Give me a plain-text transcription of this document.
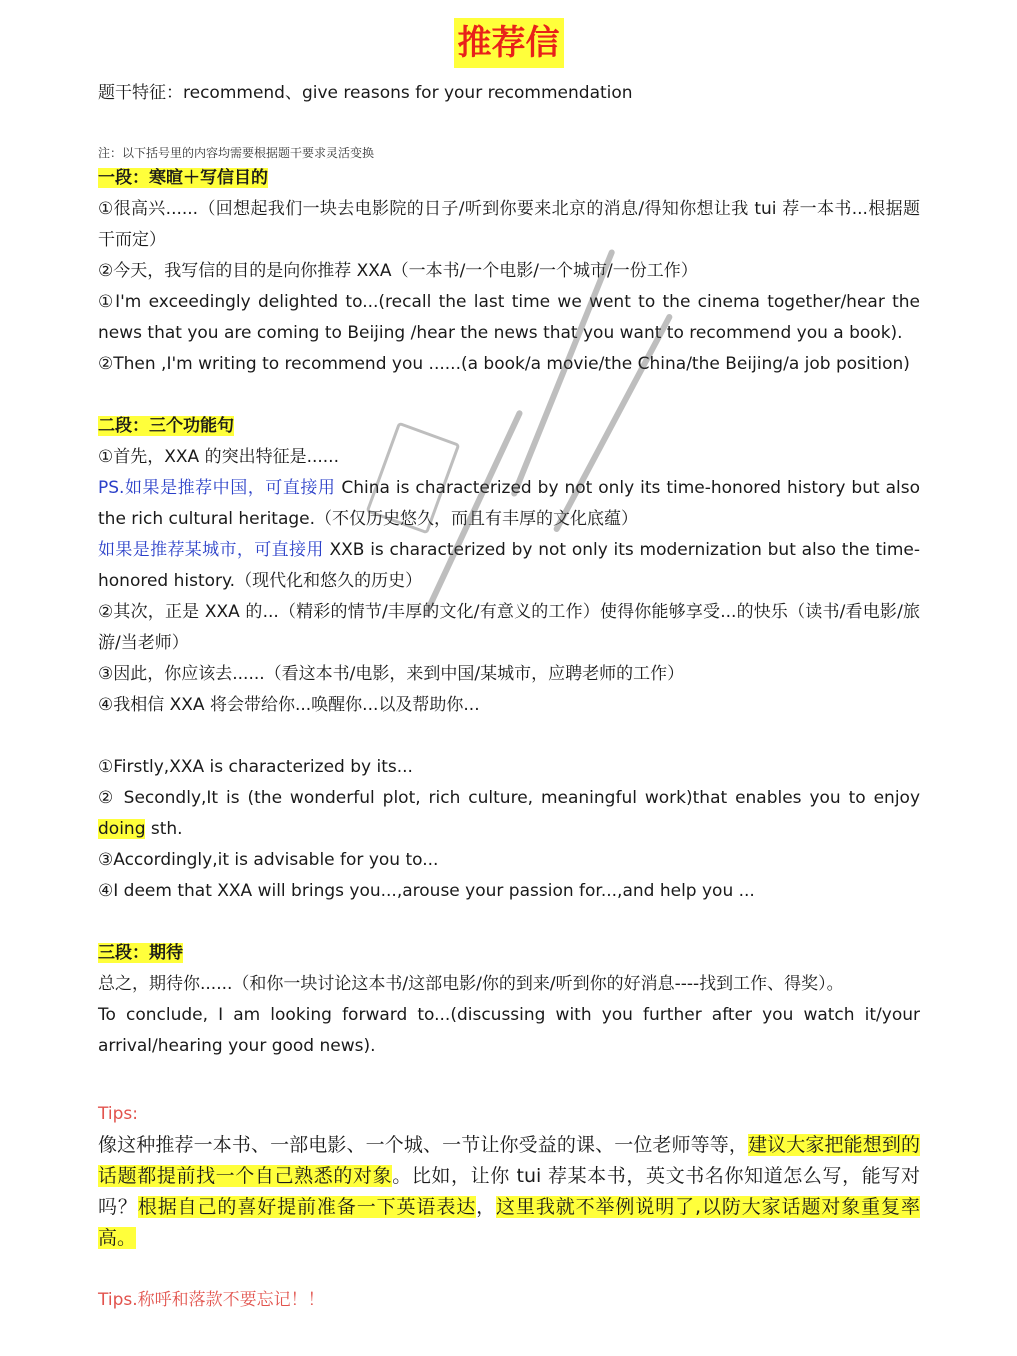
推荐信
题干特征：recommend、give reasons for your recommendation
注：以下括号里的内容均需要根据题干要求灵活变换
一段：寒暄＋写信目的
①很高兴......（回想起我们一块去电影院的日子/听到你要来北京的消息/得知你想让我 tui 荐一本书...根据题干而定）
②今天，我写信的目的是向你推荐 XXA（一本书/一个电影/一个城市/一份工作）
①I'm exceedingly delighted to...(recall the last time we went to the cinema together/hear the news that you are coming to Beijing /hear the news that you want to recommend you a book).
②Then ,I'm writing to recommend you ......(a book/a movie/the China/the Beijing/a job position)
二段：三个功能句
①首先，XXA 的突出特征是......
PS.如果是推荐中国，可直接用 China is characterized by not only its time-honored history but also the rich cultural heritage.（不仅历史悠久，而且有丰厚的文化底蕴）
如果是推荐某城市，可直接用 XXB is characterized by not only its modernization but also the time-honored history.（现代化和悠久的历史）
②其次，正是 XXA 的...（精彩的情节/丰厚的文化/有意义的工作）使得你能够享受...的快乐（读书/看电影/旅游/当老师）
③因此，你应该去......（看这本书/电影，来到中国/某城市，应聘老师的工作）
④我相信 XXA 将会带给你...唤醒你...以及帮助你...
①Firstly,XXA is characterized by its...
② Secondly,It is (the wonderful plot, rich culture, meaningful work)that enables you to enjoy doing sth.
③Accordingly,it is advisable for you to...
④I deem that XXA will brings you...,arouse your passion for...,and help you ...
三段：期待
总之，期待你......（和你一块讨论这本书/这部电影/你的到来/听到你的好消息----找到工作、得奖）。
To conclude, I am looking forward to...(discussing with you further after you watch it/your arrival/hearing your good news).
Tips:
像这种推荐一本书、一部电影、一个城、一节让你受益的课、一位老师等等，建议大家把能想到的话题都提前找一个自己熟悉的对象。比如，让你 tui 荐某本书，英文书名你知道怎么写，能写对吗？根据自己的喜好提前准备一下英语表达，这里我就不举例说明了,以防大家话题对象重复率高。
Tips.称呼和落款不要忘记！！
